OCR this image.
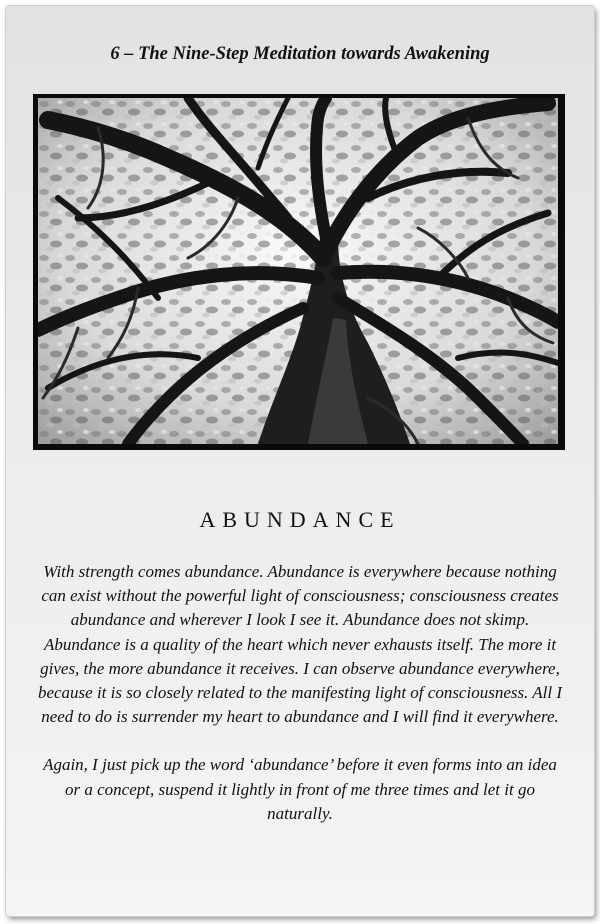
6 – The Nine-Step Meditation towards Awakening
ABUNDANCE

With strength comes abundance. Abundance is everywhere because nothing can exist without the powerful light of consciousness; consciousness creates abundance and wherever I look I see it. Abundance does not skimp. Abundance is a quality of the heart which never exhausts itself. The more it gives, the more abundance it receives. I can observe abundance everywhere, because it is so closely related to the manifesting light of consciousness. All I need to do is surrender my heart to abundance and I will find it everywhere.

Again, I just pick up the word ‘abundance’ before it even forms into an idea or a concept, suspend it lightly in front of me three times and let it go naturally.
